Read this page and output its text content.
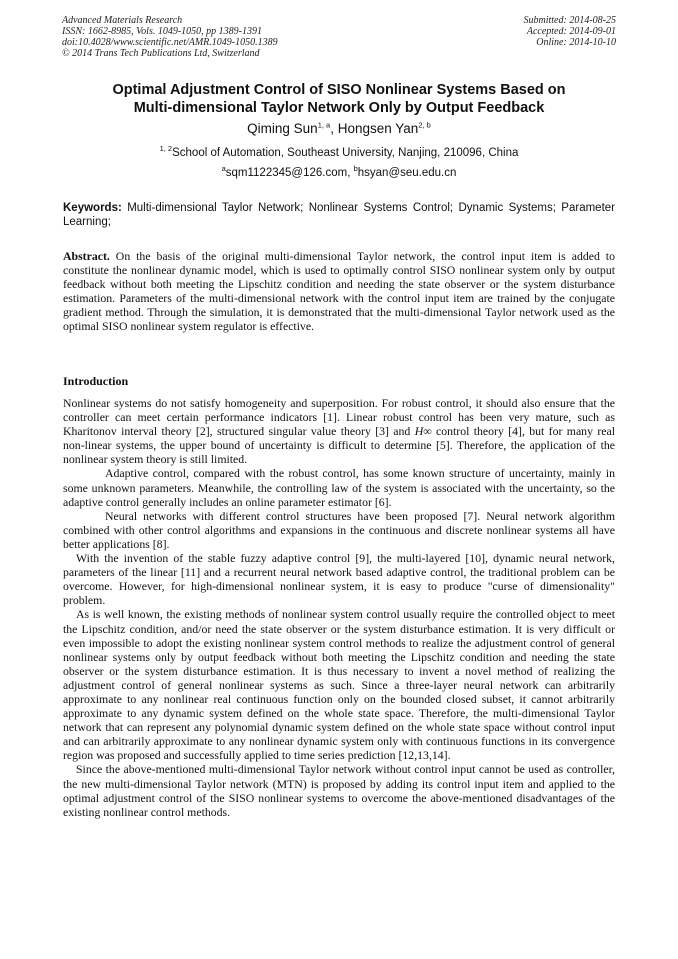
Advanced Materials Research
ISSN: 1662-8985, Vols. 1049-1050, pp 1389-1391
doi:10.4028/www.scientific.net/AMR.1049-1050.1389
© 2014 Trans Tech Publications Ltd, Switzerland
Submitted: 2014-08-25
Accepted: 2014-09-01
Online: 2014-10-10
Optimal Adjustment Control of SISO Nonlinear Systems Based on
Multi-dimensional Taylor Network Only by Output Feedback
Qiming Sun$^{1, a}$, Hongsen Yan$^{2, b}$
$^{1, 2}$School of Automation, Southeast University, Nanjing, 210096, China
$^a$sqm1122345@126.com, $^b$hsyan@seu.edu.cn
Keywords: Multi-dimensional Taylor Network; Nonlinear Systems Control; Dynamic Systems; Parameter Learning;
Abstract. On the basis of the original multi-dimensional Taylor network, the control input item is added to constitute the nonlinear dynamic model, which is used to optimally control SISO nonlinear system only by output feedback without both meeting the Lipschitz condition and needing the state observer or the system disturbance estimation. Parameters of the multi-dimensional network with the control input item are trained by the conjugate gradient method. Through the simulation, it is demonstrated that the multi-dimensional Taylor network used as the optimal SISO nonlinear system regulator is effective.
Introduction

Nonlinear systems do not satisfy homogeneity and superposition. For robust control, it should also ensure that the controller can meet certain performance indicators [1]. Linear robust control has been very mature, such as Kharitonov interval theory [2], structured singular value theory [3] and H∞ control theory [4], but for many real non-linear systems, the upper bound of uncertainty is difficult to determine [5]. Therefore, the application of the nonlinear system theory is still limited.

Adaptive control, compared with the robust control, has some known structure of uncertainty, mainly in some unknown parameters. Meanwhile, the controlling law of the system is associated with the uncertainty, so the adaptive control generally includes an online parameter estimator [6].

Neural networks with different control structures have been proposed [7]. Neural network algorithm combined with other control algorithms and expansions in the continuous and discrete nonlinear systems all have better applications [8].

With the invention of the stable fuzzy adaptive control [9], the multi-layered [10], dynamic neural network, parameters of the linear [11] and a recurrent neural network based adaptive control, the traditional problem can be overcome. However, for high-dimensional nonlinear system, it is easy to produce "curse of dimensionality" problem.

As is well known, the existing methods of nonlinear system control usually require the controlled object to meet the Lipschitz condition, and/or need the state observer or the system disturbance estimation. It is very difficult or even impossible to adopt the existing nonlinear system control methods to realize the adjustment control of general nonlinear systems only by output feedback without both meeting the Lipschitz condition and needing the state observer or the system disturbance estimation. It is thus necessary to invent a novel method of realizing the adjustment control of general nonlinear systems as such. Since a three-layer neural network can arbitrarily approximate to any nonlinear real continuous function only on the bounded closed subset, it cannot arbitrarily approximate to any dynamic system defined on the whole state space. Therefore, the multi-dimensional Taylor network that can represent any polynomial dynamic system defined on the whole state space without control input and can arbitrarily approximate to any nonlinear dynamic system only with continuous functions in its convergence region was proposed and successfully applied to time series prediction [12,13,14].

Since the above-mentioned multi-dimensional Taylor network without control input cannot be used as controller, the new multi-dimensional Taylor network (MTN) is proposed by adding its control input item and applied to the optimal adjustment control of the SISO nonlinear systems to overcome the above-mentioned disadvantages of the existing nonlinear control methods.
